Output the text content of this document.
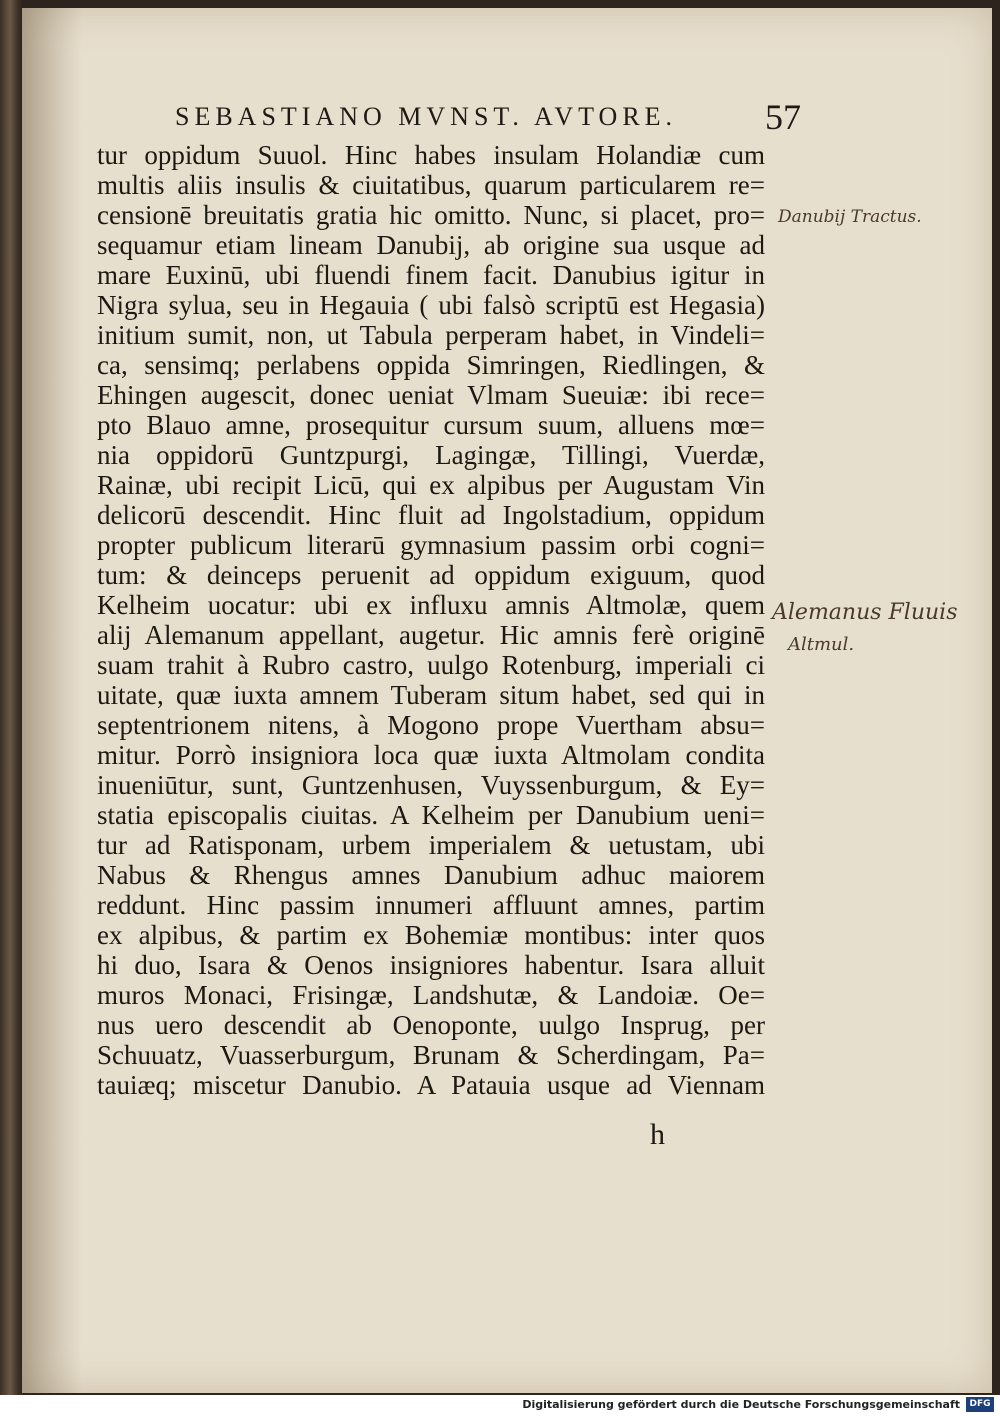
SEBASTIANO MVNST. AVTORE. 57
tur oppidum Suuol. Hinc habes insulam Holandiæ cum
multis aliis insulis & ciuitatibus, quarum particularem re=
censionē breuitatis gratia hic omitto. Nunc, si placet, pro=
sequamur etiam lineam Danubij, ab origine sua usque ad
mare Euxinū, ubi fluendi finem facit. Danubius igitur in
Nigra sylua, seu in Hegauia ( ubi falsò scriptū est Hegasia)
initium sumit, non, ut Tabula perperam habet, in Vindeli=
ca, sensimq; perlabens oppida Simringen, Riedlingen, &
Ehingen augescit, donec ueniat Vlmam Sueuiæ: ibi rece=
pto Blauo amne, prosequitur cursum suum, alluens mœ=
nia oppidorū Guntzpurgi, Lagingæ, Tillingi, Vuerdæ,
Rainæ, ubi recipit Licū, qui ex alpibus per Augustam Vin
delicorū descendit. Hinc fluit ad Ingolstadium, oppidum
propter publicum literarū gymnasium passim orbi cogni=
tum: & deinceps peruenit ad oppidum exiguum, quod
Kelheim uocatur: ubi ex influxu amnis Altmolæ, quem
alij Alemanum appellant, augetur. Hic amnis ferè originē
suam trahit à Rubro castro, uulgo Rotenburg, imperiali ci
uitate, quæ iuxta amnem Tuberam situm habet, sed qui in
septentrionem nitens, à Mogono prope Vuertham absu=
mitur. Porrò insigniora loca quæ iuxta Altmolam condita
inueniūtur, sunt, Guntzenhusen, Vuyssenburgum, & Ey=
statia episcopalis ciuitas. A Kelheim per Danubium ueni=
tur ad Ratisponam, urbem imperialem & uetustam, ubi
Nabus & Rhengus amnes Danubium adhuc maiorem
reddunt. Hinc passim innumeri affluunt amnes, partim
ex alpibus, & partim ex Bohemiæ montibus: inter quos
hi duo, Isara & Oenos insigniores habentur. Isara alluit
muros Monaci, Frisingæ, Landshutæ, & Landoiæ. Oe=
nus uero descendit ab Oenoponte, uulgo Insprug, per
Schuuatz, Vuasserburgum, Brunam & Scherdingam, Pa=
tauiæq; miscetur Danubio. A Patauia usque ad Viennam
h
Danubij Tractus.
Alemanus Fluuis
Altmul.
Digitalisierung gefördert durch die Deutsche Forschungsgemeinschaft	DFG
